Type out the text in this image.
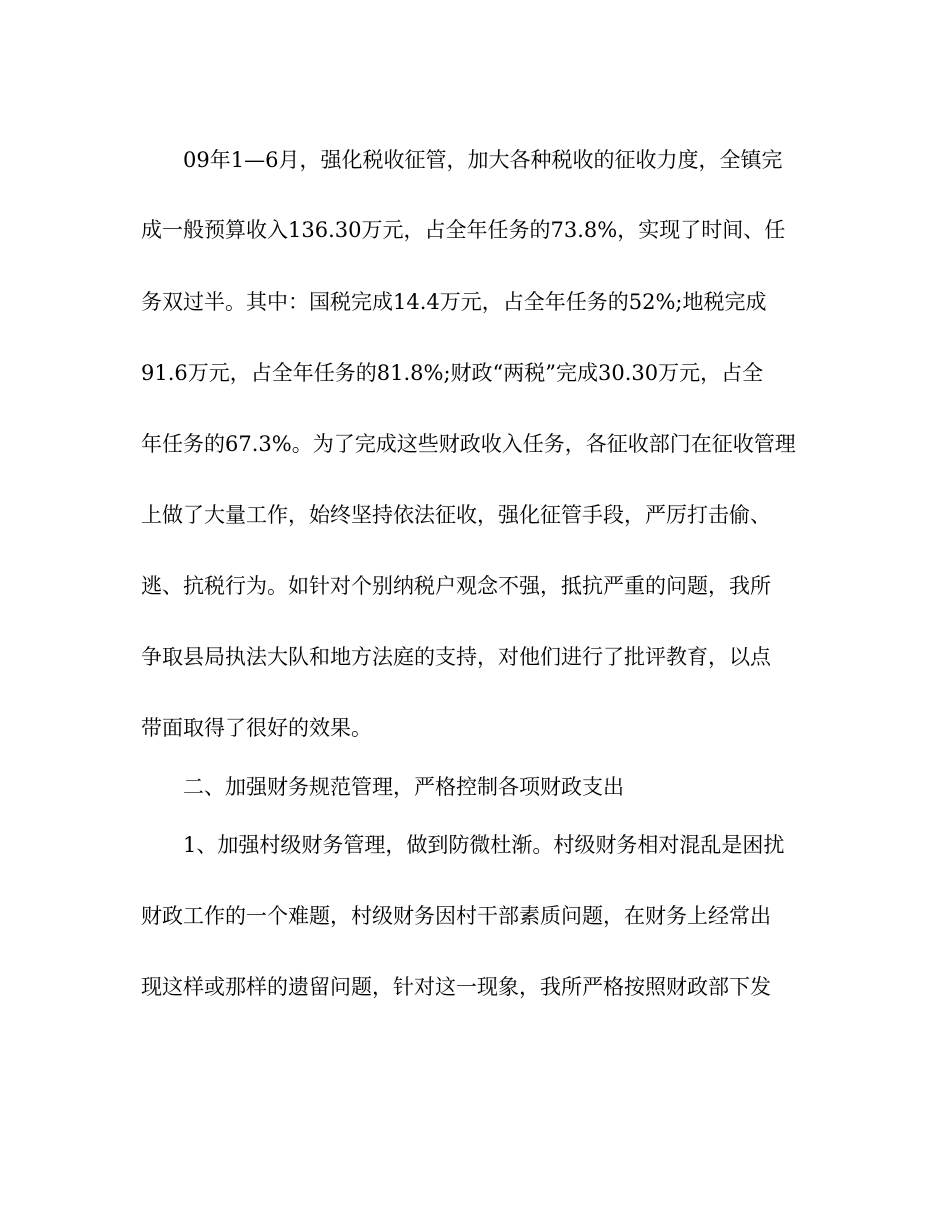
09年1—6月，强化税收征管，加大各种税收的征收力度，全镇完
成一般预算收入136.30万元，占全年任务的73.8%，实现了时间、任
务双过半。其中：国税完成14.4万元，占全年任务的52%;地税完成
91.6万元，占全年任务的81.8%;财政“两税”完成30.30万元，占全
年任务的67.3%。为了完成这些财政收入任务，各征收部门在征收管理
上做了大量工作，始终坚持依法征收，强化征管手段，严厉打击偷、
逃、抗税行为。如针对个别纳税户观念不强，抵抗严重的问题，我所
争取县局执法大队和地方法庭的支持，对他们进行了批评教育，以点
带面取得了很好的效果。
二、加强财务规范管理，严格控制各项财政支出
1、加强村级财务管理，做到防微杜渐。村级财务相对混乱是困扰
财政工作的一个难题，村级财务因村干部素质问题，在财务上经常出
现这样或那样的遗留问题，针对这一现象，我所严格按照财政部下发
